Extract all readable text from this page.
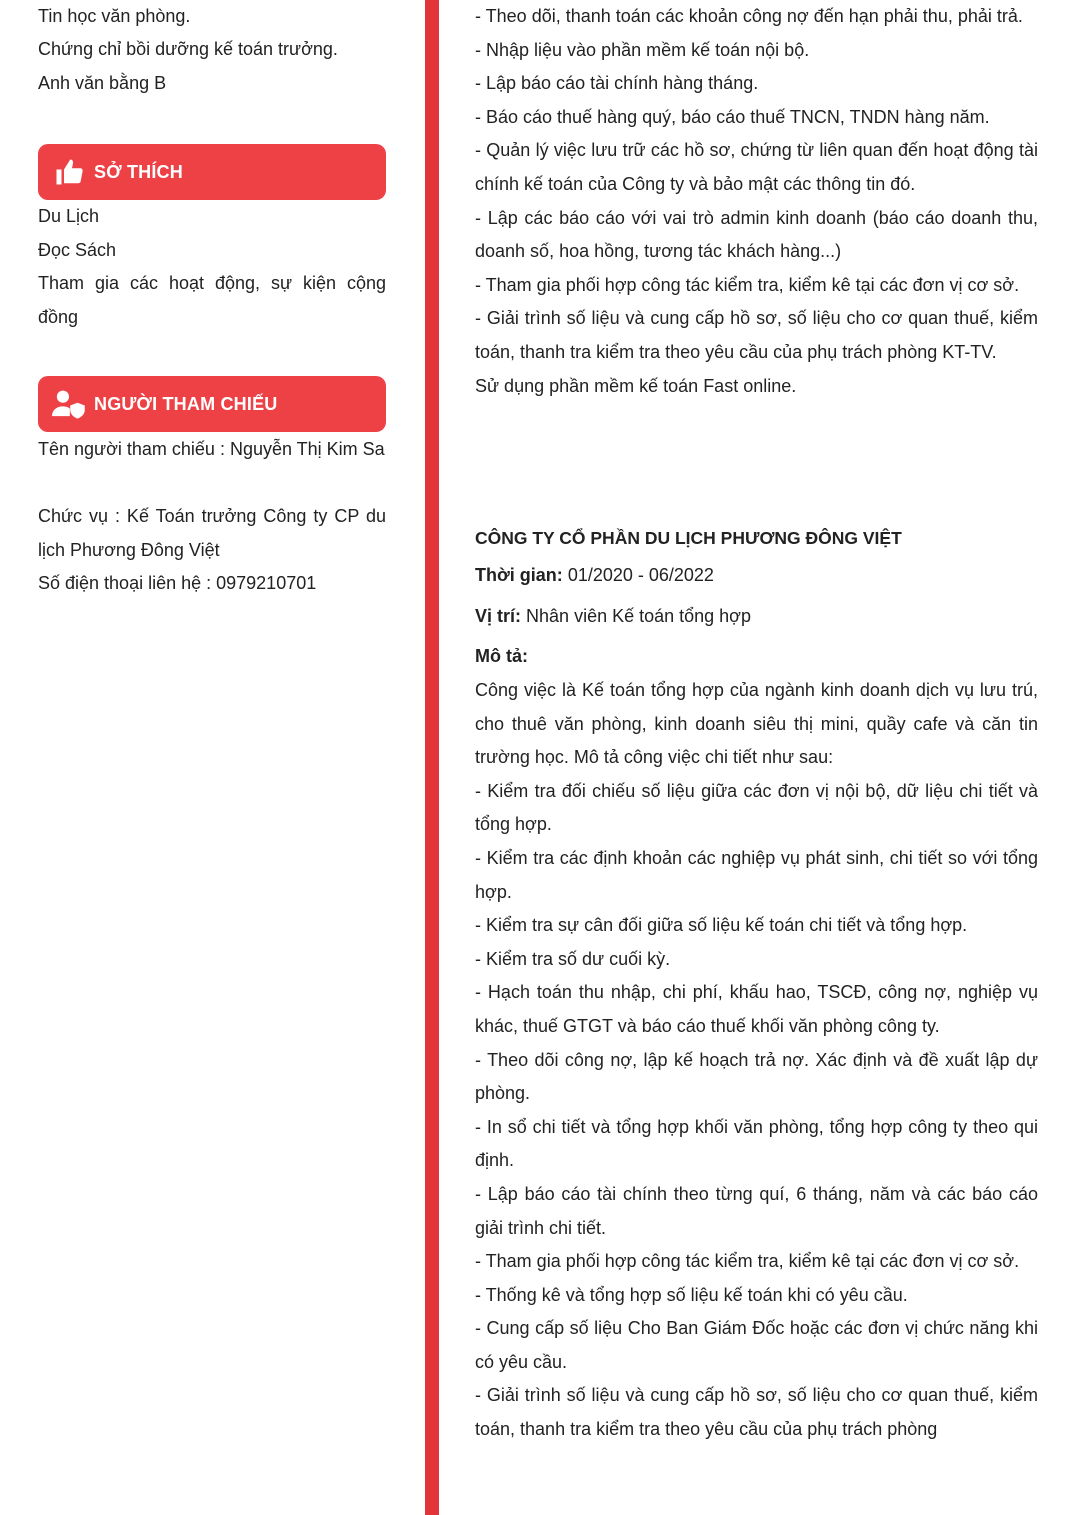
Tin học văn phòng.

Chứng chỉ bồi dưỡng kế toán trưởng.

Anh văn bằng B

SỞ THÍCH

Du Lịch

Đọc Sách

Tham gia các hoạt động, sự kiện cộng đồng

NGƯỜI THAM CHIẾU

Tên người tham chiếu : Nguyễn Thị Kim Sa

Chức vụ : Kế Toán trưởng Công ty CP du lịch Phương Đông Việt

Số điện thoại liên hệ : 0979210701

- Theo dõi, thanh toán các khoản công nợ đến hạn phải thu, phải trả.

- Nhập liệu vào phần mềm kế toán nội bộ.

- Lập báo cáo tài chính hàng tháng.

- Báo cáo thuế hàng quý, báo cáo thuế TNCN, TNDN hàng năm.

- Quản lý việc lưu trữ các hồ sơ, chứng từ liên quan đến hoạt động tài chính kế toán của Công ty và bảo mật các thông tin đó.

- Lập các báo cáo với vai trò admin kinh doanh (báo cáo doanh thu, doanh số, hoa hồng, tương tác khách hàng...)

- Tham gia phối hợp công tác kiểm tra, kiểm kê tại các đơn vị cơ sở.

- Giải trình số liệu và cung cấp hồ sơ, số liệu cho cơ quan thuế, kiểm toán, thanh tra kiểm tra theo yêu cầu của phụ trách phòng KT-TV.

Sử dụng phần mềm kế toán Fast online.

CÔNG TY CỔ PHẦN DU LỊCH PHƯƠNG ĐÔNG VIỆT

Thời gian: 01/2020 - 06/2022

Vị trí: Nhân viên Kế toán tổng hợp

Mô tả:

Công việc là Kế toán tổng hợp của ngành kinh doanh dịch vụ lưu trú, cho thuê văn phòng, kinh doanh siêu thị mini, quầy cafe và căn tin trường học. Mô tả công việc chi tiết như sau:

- Kiểm tra đối chiếu số liệu giữa các đơn vị nội bộ, dữ liệu chi tiết và tổng hợp.

- Kiểm tra các định khoản các nghiệp vụ phát sinh, chi tiết so với tổng hợp.

- Kiểm tra sự cân đối giữa số liệu kế toán chi tiết và tổng hợp.

- Kiểm tra số dư cuối kỳ.

- Hạch toán thu nhập, chi phí, khấu hao, TSCĐ, công nợ, nghiệp vụ khác, thuế GTGT và báo cáo thuế khối văn phòng công ty.

- Theo dõi công nợ, lập kế hoạch trả nợ. Xác định và đề xuất lập dự phòng.

- In sổ chi tiết và tổng hợp khối văn phòng, tổng hợp công ty theo qui định.

- Lập báo cáo tài chính theo từng quí, 6 tháng, năm và các báo cáo giải trình chi tiết.

- Tham gia phối hợp công tác kiểm tra, kiểm kê tại các đơn vị cơ sở.

- Thống kê và tổng hợp số liệu kế toán khi có yêu cầu.

- Cung cấp số liệu Cho Ban Giám Đốc hoặc các đơn vị chức năng khi có yêu cầu.

- Giải trình số liệu và cung cấp hồ sơ, số liệu cho cơ quan thuế, kiểm toán, thanh tra kiểm tra theo yêu cầu của phụ trách phòng
